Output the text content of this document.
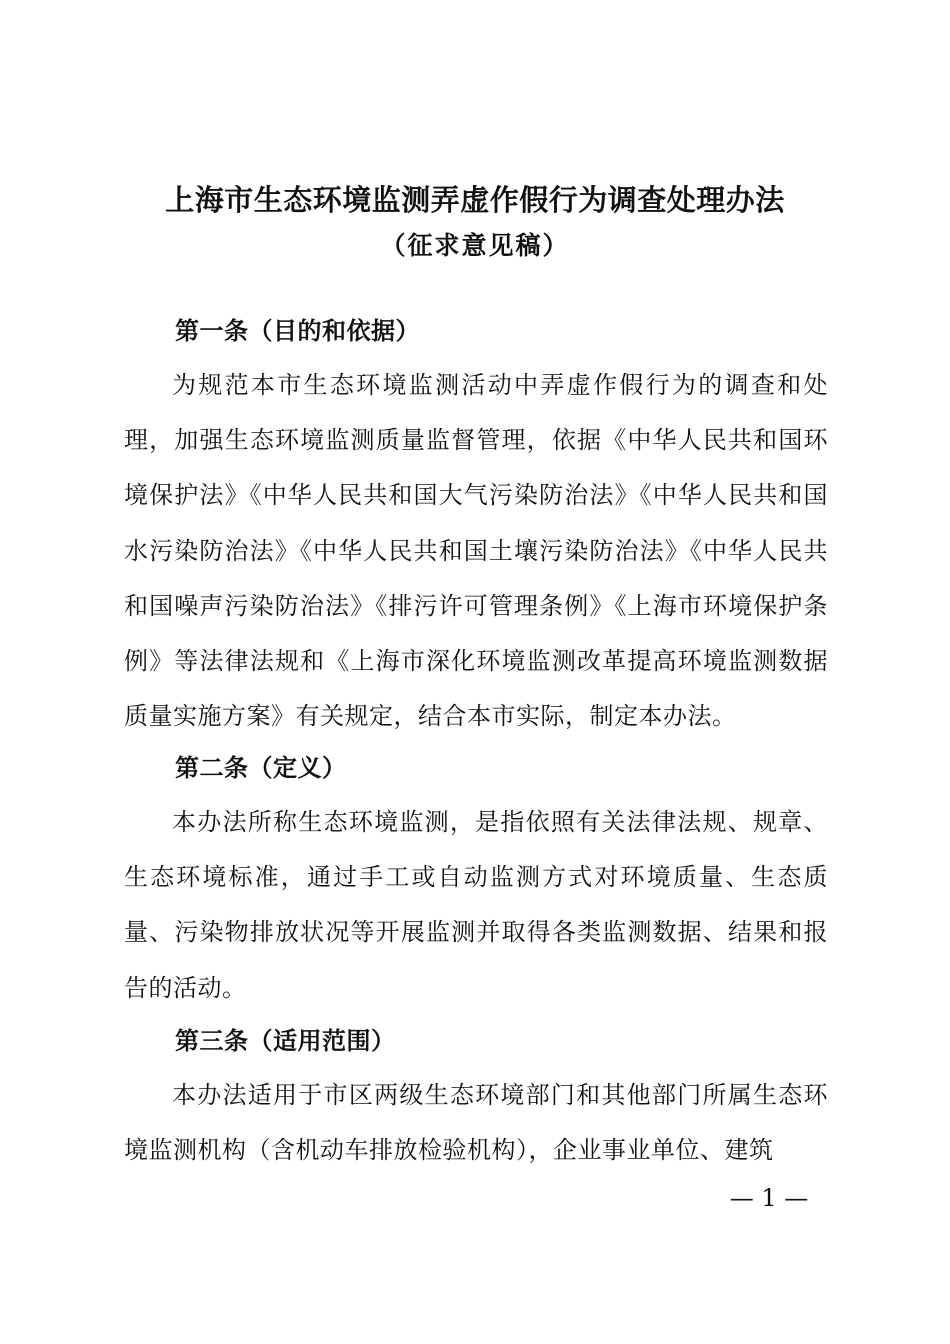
上海市生态环境监测弄虚作假行为调查处理办法
（征求意见稿）
第一条（目的和依据）

为规范本市生态环境监测活动中弄虚作假行为的调查和处理，加强生态环境监测质量监督管理，依据《中华人民共和国环境保护法》《中华人民共和国大气污染防治法》《中华人民共和国水污染防治法》《中华人民共和国土壤污染防治法》《中华人民共和国噪声污染防治法》《排污许可管理条例》《上海市环境保护条例》等法律法规和《上海市深化环境监测改革提高环境监测数据质量实施方案》有关规定，结合本市实际，制定本办法。

第二条（定义）

本办法所称生态环境监测，是指依照有关法律法规、规章、生态环境标准，通过手工或自动监测方式对环境质量、生态质量、污染物排放状况等开展监测并取得各类监测数据、结果和报告的活动。

第三条（适用范围）

本办法适用于市区两级生态环境部门和其他部门所属生态环境监测机构（含机动车排放检验机构），企业事业单位、建筑

— 1 —
